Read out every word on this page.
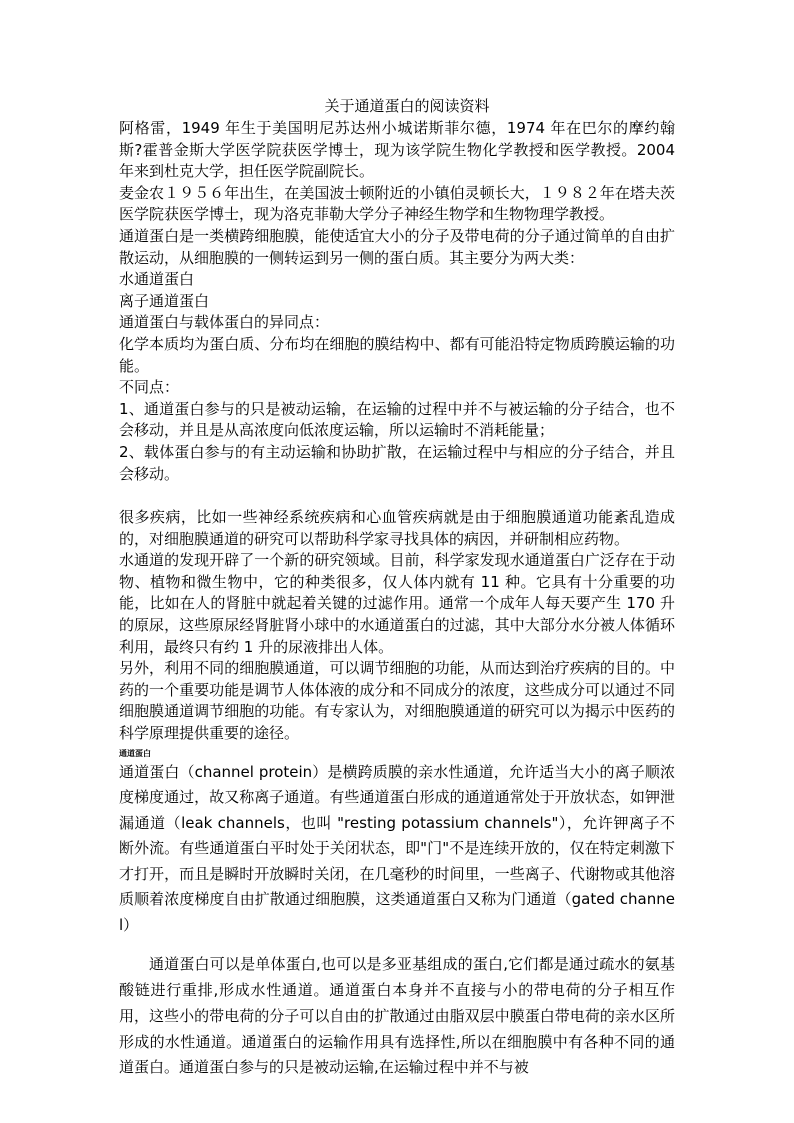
关于通道蛋白的阅读资料

阿格雷，1949 年生于美国明尼苏达州小城诺斯菲尔德，1974 年在巴尔的摩约翰斯?霍普金斯大学医学院获医学博士，现为该学院生物化学教授和医学教授。2004 年来到杜克大学，担任医学院副院长。

麦金农１９５６年出生，在美国波士顿附近的小镇伯灵顿长大，１９８２年在塔夫茨医学院获医学博士，现为洛克菲勒大学分子神经生物学和生物物理学教授。

通道蛋白是一类横跨细胞膜，能使适宜大小的分子及带电荷的分子通过简单的自由扩散运动，从细胞膜的一侧转运到另一侧的蛋白质。其主要分为两大类：

水通道蛋白

离子通道蛋白

通道蛋白与载体蛋白的异同点：

化学本质均为蛋白质、分布均在细胞的膜结构中、都有可能沿特定物质跨膜运输的功能。

不同点：

1、通道蛋白参与的只是被动运输，在运输的过程中并不与被运输的分子结合，也不会移动，并且是从高浓度向低浓度运输，所以运输时不消耗能量；

2、载体蛋白参与的有主动运输和协助扩散，在运输过程中与相应的分子结合，并且会移动。

很多疾病，比如一些神经系统疾病和心血管疾病就是由于细胞膜通道功能紊乱造成的，对细胞膜通道的研究可以帮助科学家寻找具体的病因，并研制相应药物。

水通道的发现开辟了一个新的研究领域。目前，科学家发现水通道蛋白广泛存在于动物、植物和微生物中，它的种类很多，仅人体内就有 11 种。它具有十分重要的功能，比如在人的肾脏中就起着关键的过滤作用。通常一个成年人每天要产生 170 升的原尿，这些原尿经肾脏肾小球中的水通道蛋白的过滤，其中大部分水分被人体循环利用，最终只有约 1 升的尿液排出人体。

另外，利用不同的细胞膜通道，可以调节细胞的功能，从而达到治疗疾病的目的。中药的一个重要功能是调节人体体液的成分和不同成分的浓度，这些成分可以通过不同细胞膜通道调节细胞的功能。有专家认为，对细胞膜通道的研究可以为揭示中医药的科学原理提供重要的途径。

通道蛋白

通道蛋白（channel protein）是横跨质膜的亲水性通道，允许适当大小的离子顺浓度梯度通过，故又称离子通道。有些通道蛋白形成的通道通常处于开放状态，如钾泄漏通道（leak channels，也叫 "resting potassium channels"），允许钾离子不断外流。有些通道蛋白平时处于关闭状态，即"门"不是连续开放的，仅在特定刺激下才打开，而且是瞬时开放瞬时关闭，在几毫秒的时间里，一些离子、代谢物或其他溶质顺着浓度梯度自由扩散通过细胞膜，这类通道蛋白又称为门通道（gated channel）

通道蛋白可以是单体蛋白,也可以是多亚基组成的蛋白,它们都是通过疏水的氨基酸链进行重排,形成水性通道。通道蛋白本身并不直接与小的带电荷的分子相互作用，这些小的带电荷的分子可以自由的扩散通过由脂双层中膜蛋白带电荷的亲水区所形成的水性通道。通道蛋白的运输作用具有选择性,所以在细胞膜中有各种不同的通道蛋白。通道蛋白参与的只是被动运输,在运输过程中并不与被
